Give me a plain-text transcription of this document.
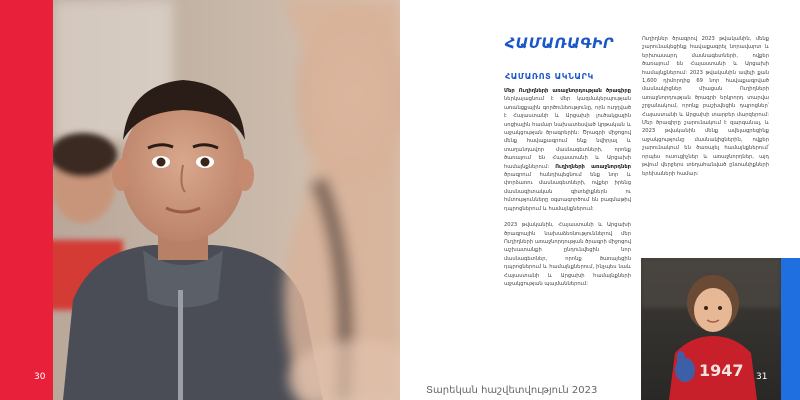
30
ՀԱՄԱՌԱԳԻՐ
ՀԱՄԱՌՈՏ ԱԿՆԱՐԿ

Մեր Ուղիղների առաջնորդության ծրագիրը ներկայացնում է մեր կազմակերպության առանցքային գործունեությունը, որն ուղղված է Հայաստանի և Արցախի լուծակցային սոցիալին համար նախատեսված կրթական և աջակցության ծրագրերին: Ծրագրի միջոցով մենք հավաքագրում ենք նվիրյալ և տաղանդավոր մասնագետների, որոնք ծառայում են Հայաստանի և Արցախի համայնքներում: Ուղիղների առաջնորդներ ծրագրում հանդիպեցնում ենք նոր և փորձառու մասնագետների, ովքեր իրենց մասնագիտական գիտելիքներն ու հմտությունները օգտագործում են բազմաթիվ դպրոցներում և համայնքներում:

2023 թվականին, Հայաստանի և Արցախի ծրագրային նախաձեռնություններով մեր Ուղիղների առաջնորդության ծրագրի միջոցով աշխատանքի ընդունվեցին նոր մասնագետներ, որոնք ծառայեցին դպրոցներում և համայնքներում, ինչպես նաև Հայաստանի և Արցախի համայնքների աջակցության պայմաններում:

Ուղիղներ ծրագրով 2023 թվականին, մենք շարունակեցինք հավաքագրել նորավարտ և երիտասարդ մասնագետների, ովքեր ծառայում են Հայաստանի և Արցախի համայնքներում: 2023 թվականին ավելի քան 1,600 դիմորդից 69 նոր հավաքագրված մասնակիցներ միացան Ուղիղների առաջնորդության ծրագրի երկրորդ տարվա շրջանակում, որոնք բաշխվեցին դպրոցներ՝ Հայաստանի և Արցախի տարբեր մարզերում: Մեր ծրագիրը շարունակում է զարգանալ, և 2023 թվականին մենք ավելացրեցինք աջակցությունը մասնակիցներին, ովքեր շարունակում են ծառայել համայնքներում՝ որպես ուսուցիչներ և առաջնորդներ, այդ թվում վերջերս տեղահանված ընտանիքների երեխաների համար:

1947
Տարեկան հաշվետվություն 2023
31
